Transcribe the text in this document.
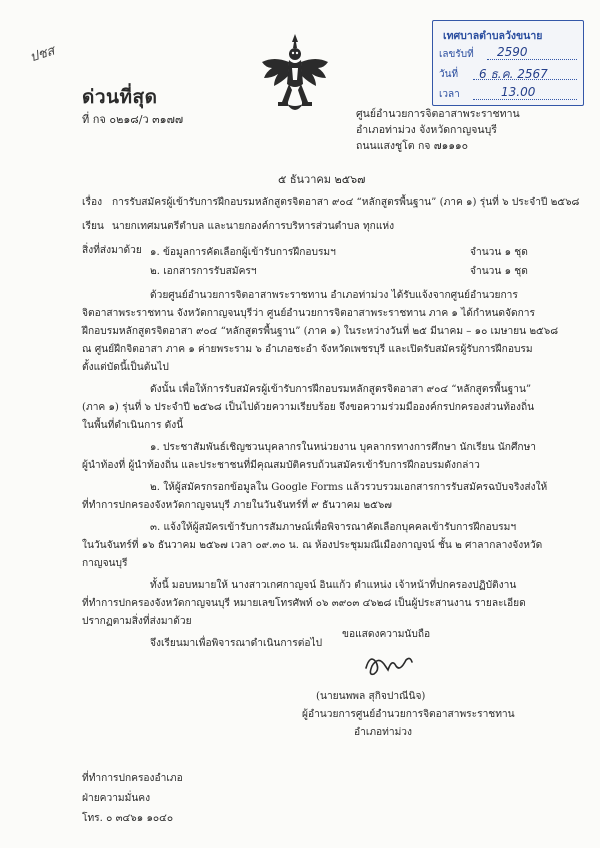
ปชส
เทศบาลตำบลวังขนาย
เลขรับที่ 2590
วันที่ 6 ธ.ค. 2567
เวลา	13.00
ด่วนที่สุด
ที่ กจ ๐๒๑๘/ว ๓๑๗๗	ศูนย์อำนวยการจิตอาสาพระราชทาน
อำเภอท่าม่วง จังหวัดกาญจนบุรี
ถนนแสงชูโต กจ ๗๑๑๑๐
๕ ธันวาคม ๒๕๖๗
เรื่อง การรับสมัครผู้เข้ารับการฝึกอบรมหลักสูตรจิตอาสา ๙๐๔ “หลักสูตรพื้นฐาน” (ภาค ๑) รุ่นที่ ๖ ประจำปี ๒๕๖๘
เรียน นายกเทศมนตรีตำบล และนายกองค์การบริหารส่วนตำบล ทุกแห่ง
สิ่งที่ส่งมาด้วย ๑. ข้อมูลการคัดเลือกผู้เข้ารับการฝึกอบรมฯ	จำนวน ๑ ชุด
๒. เอกสารการรับสมัครฯ	จำนวน ๑ ชุด
ด้วยศูนย์อำนวยการจิตอาสาพระราชทาน อำเภอท่าม่วง ได้รับแจ้งจากศูนย์อำนวยการ
จิตอาสาพระราชทาน จังหวัดกาญจนบุรีว่า ศูนย์อำนวยการจิตอาสาพระราชทาน ภาค ๑ ได้กำหนดจัดการ
ฝึกอบรมหลักสูตรจิตอาสา ๙๐๔ “หลักสูตรพื้นฐาน” (ภาค ๑) ในระหว่างวันที่ ๒๕ มีนาคม – ๑๐ เมษายน ๒๕๖๘
ณ ศูนย์ฝึกจิตอาสา ภาค ๑ ค่ายพระราม ๖ อำเภอชะอำ จังหวัดเพชรบุรี และเปิดรับสมัครผู้รับการฝึกอบรม
ตั้งแต่บัดนี้เป็นต้นไป
ดังนั้น เพื่อให้การรับสมัครผู้เข้ารับการฝึกอบรมหลักสูตรจิตอาสา ๙๐๔ “หลักสูตรพื้นฐาน”
(ภาค ๑) รุ่นที่ ๖ ประจำปี ๒๕๖๘ เป็นไปด้วยความเรียบร้อย จึงขอความร่วมมือองค์กรปกครองส่วนท้องถิ่น
ในพื้นที่ดำเนินการ ดังนี้
๑. ประชาสัมพันธ์เชิญชวนบุคลากรในหน่วยงาน บุคลากรทางการศึกษา นักเรียน นักศึกษา
ผู้นำท้องที่ ผู้นำท้องถิ่น และประชาชนที่มีคุณสมบัติครบถ้วนสมัครเข้ารับการฝึกอบรมดังกล่าว
๒. ให้ผู้สมัครกรอกข้อมูลใน Google Forms แล้วรวบรวมเอกสารการรับสมัครฉบับจริงส่งให้
ที่ทำการปกครองจังหวัดกาญจนบุรี ภายในวันจันทร์ที่ ๙ ธันวาคม ๒๕๖๗
๓. แจ้งให้ผู้สมัครเข้ารับการสัมภาษณ์เพื่อพิจารณาคัดเลือกบุคคลเข้ารับการฝึกอบรมฯ
ในวันจันทร์ที่ ๑๖ ธันวาคม ๒๕๖๗ เวลา ๐๙.๓๐ น. ณ ห้องประชุมมณีเมืองกาญจน์ ชั้น ๒ ศาลากลางจังหวัด
กาญจนบุรี
ทั้งนี้ มอบหมายให้ นางสาวเกศกาญจน์ อินแก้ว ตำแหน่ง เจ้าหน้าที่ปกครองปฏิบัติงาน
ที่ทำการปกครองจังหวัดกาญจนบุรี หมายเลขโทรศัพท์ ๐๖ ๓๙๐๓ ๔๖๒๘ เป็นผู้ประสานงาน รายละเอียด
ปรากฏตามสิ่งที่ส่งมาด้วย
จึงเรียนมาเพื่อพิจารณาดำเนินการต่อไป
ขอแสดงความนับถือ
(นายนพพล สุกิจปาณีนิจ)
ผู้อำนวยการศูนย์อำนวยการจิตอาสาพระราชทาน
อำเภอท่าม่วง
ที่ทำการปกครองอำเภอ
ฝ่ายความมั่นคง
โทร. ๐ ๓๔๖๑ ๑๐๔๐
